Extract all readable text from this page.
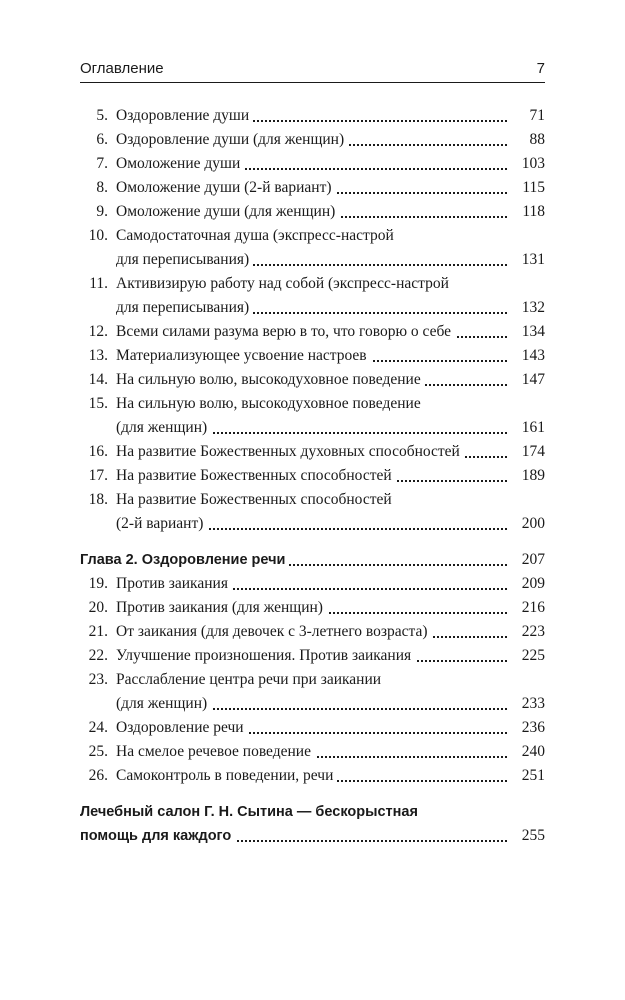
Оглавление	7
5. Оздоровление души	71
6. Оздоровление души (для женщин)	88
7. Омоложение души	103
8. Омоложение души (2-й вариант)	115
9. Омоложение души (для женщин)	118
10. Самодостаточная душа (экспресс-настрой
для переписывания)	131
11. Активизирую работу над собой (экспресс-настрой
для переписывания)	132
12. Всеми силами разума верю в то, что говорю о себе	134
13. Материализующее усвоение настроев	143
14. На сильную волю, высокодуховное поведение	147
15. На сильную волю, высокодуховное поведение
(для женщин)	161
16. На развитие Божественных духовных способностей	174
17. На развитие Божественных способностей	189
18. На развитие Божественных способностей
(2-й вариант)	200
Глава 2. Оздоровление речи	207
19. Против заикания	209
20. Против заикания (для женщин)	216
21. От заикания (для девочек с 3-летнего возраста)	223
22. Улучшение произношения. Против заикания	225
23. Расслабление центра речи при заикании
(для женщин)	233
24. Оздоровление речи	236
25. На смелое речевое поведение	240
26. Самоконтроль в поведении, речи	251
Лечебный салон Г. Н. Сытина — бескорыстная
помощь для каждого	255
